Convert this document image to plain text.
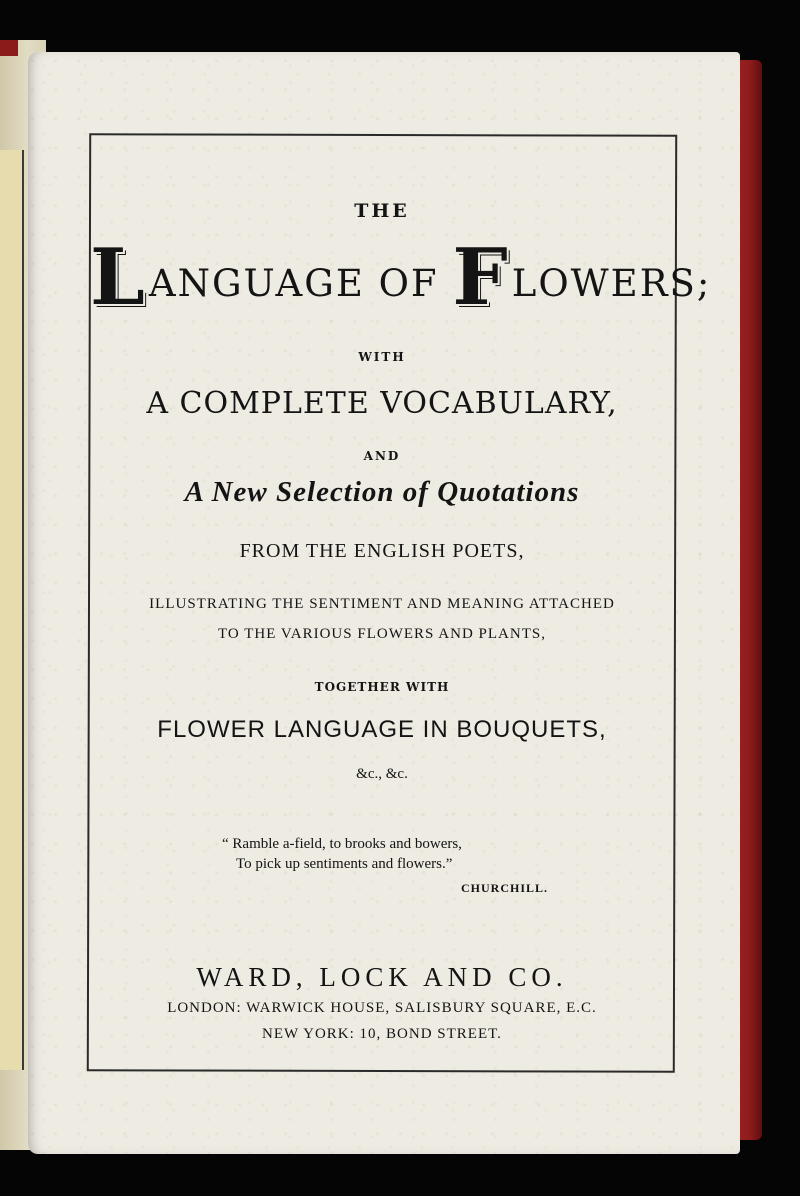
THE

LANGUAGE OF FLOWERS;

WITH

A COMPLETE VOCABULARY,

AND

A New Selection of Quotations

FROM THE ENGLISH POETS,

ILLUSTRATING THE SENTIMENT AND MEANING ATTACHED

TO THE VARIOUS FLOWERS AND PLANTS,

TOGETHER WITH

FLOWER LANGUAGE IN BOUQUETS,

&c., &c.

“ Ramble a-field, to brooks and bowers,
To pick up sentiments and flowers.”
CHURCHILL.

WARD, LOCK AND CO.

LONDON: WARWICK HOUSE, SALISBURY SQUARE, E.C.

NEW YORK: 10, BOND STREET.
